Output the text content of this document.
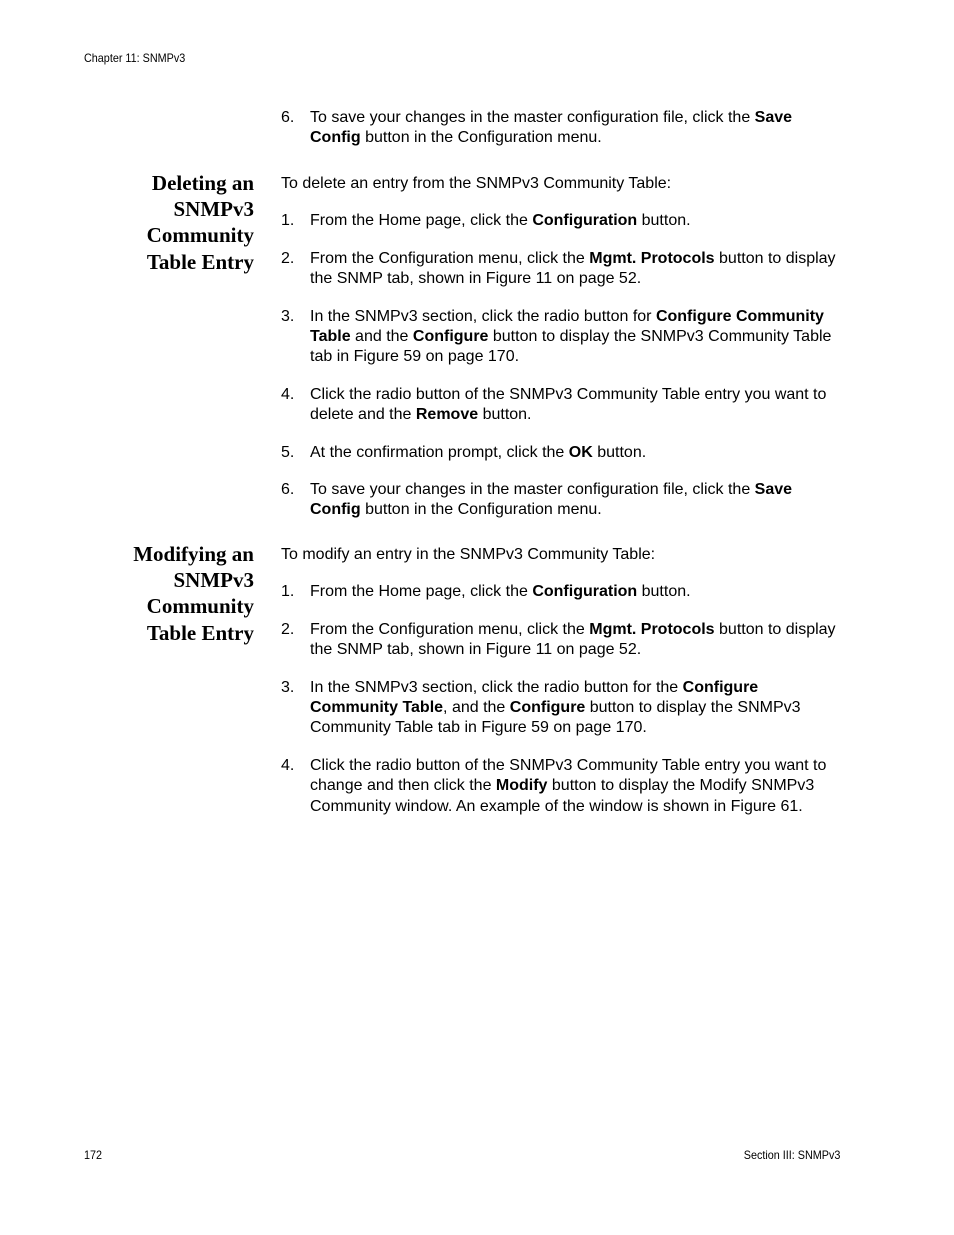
Chapter 11: SNMPv3
6. To save your changes in the master configuration file, click the Save Config button in the Configuration menu.
Deleting an
SNMPv3
Community
Table Entry

To delete an entry from the SNMPv3 Community Table:

1. From the Home page, click the Configuration button.
2. From the Configuration menu, click the Mgmt. Protocols button to display the SNMP tab, shown in Figure 11 on page 52.
3. In the SNMPv3 section, click the radio button for Configure Community Table and the Configure button to display the SNMPv3 Community Table tab in Figure 59 on page 170.
4. Click the radio button of the SNMPv3 Community Table entry you want to delete and the Remove button.
5. At the confirmation prompt, click the OK button.
6. To save your changes in the master configuration file, click the Save Config button in the Configuration menu.
Modifying an
SNMPv3
Community
Table Entry

To modify an entry in the SNMPv3 Community Table:

1. From the Home page, click the Configuration button.
2. From the Configuration menu, click the Mgmt. Protocols button to display the SNMP tab, shown in Figure 11 on page 52.
3. In the SNMPv3 section, click the radio button for the Configure Community Table, and the Configure button to display the SNMPv3 Community Table tab in Figure 59 on page 170.
4. Click the radio button of the SNMPv3 Community Table entry you want to change and then click the Modify button to display the Modify SNMPv3 Community window. An example of the window is shown in Figure 61.
172	Section III: SNMPv3
